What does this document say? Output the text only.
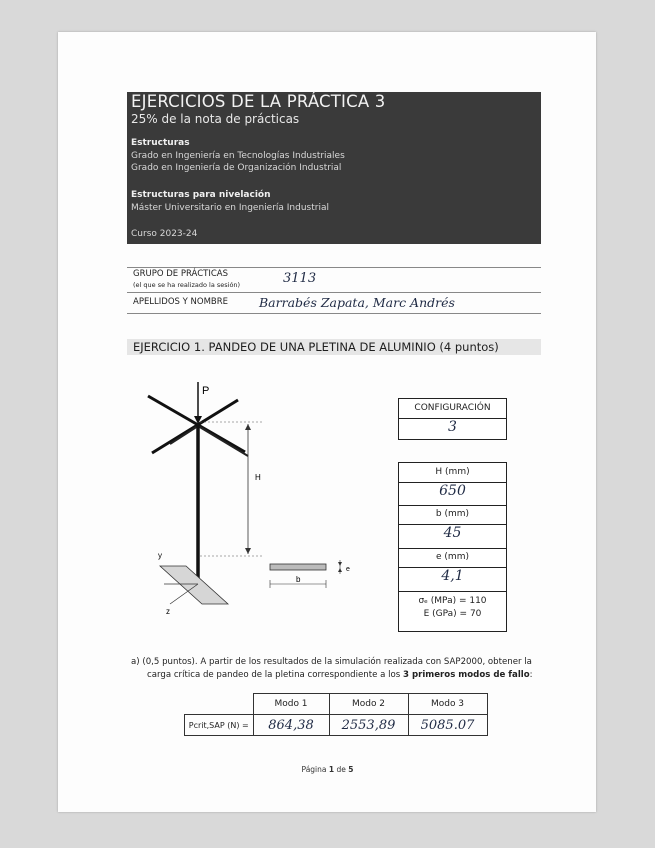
EJERCICIOS DE LA PRÁCTICA 3
25% de la nota de prácticas
Estructuras
Grado en Ingeniería en Tecnologías Industriales
Grado en Ingeniería de Organización Industrial
Estructuras para nivelación
Máster Universitario en Ingeniería Industrial
Curso 2023-24
GRUPO DE PRÁCTICAS
(el que se ha realizado la sesión)	3113
APELLIDOS Y NOMBRE Barrabés Zapata, Marc Andrés
EJERCICIO 1. PANDEO DE UNA PLETINA DE ALUMINIO (4 puntos)
P
H
y
z
b
e
CONFIGURACIÓN
3
H (mm)
650
b (mm)
45
e (mm)
4,1
σₑ (MPa) = 110
E (GPa) = 70
a) (0,5 puntos). A partir de los resultados de la simulación realizada con SAP2000, obtener la
carga crítica de pandeo de la pletina correspondiente a los 3 primeros modos de fallo:
	Modo 1	Modo 2	Modo 3
Pcrit,SAP (N) =	864,38	2553,89	5085.07
Página 1 de 5
